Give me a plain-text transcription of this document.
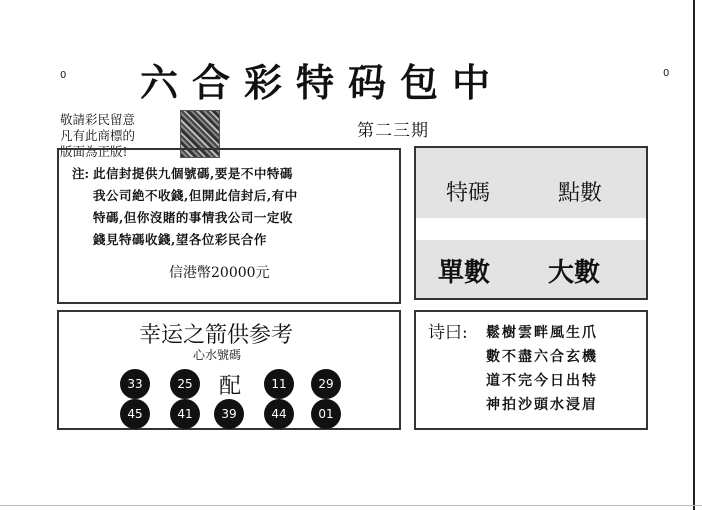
0	0
六合彩特码包中
第二三期
敬請彩民留意
凡有此商標的
版面為正版!
注: 此信封提供九個號碼,要是不中特碼
我公司絶不收錢,但開此信封后,有中
特碼,但你沒賭的事情我公司一定收
錢見特碼收錢,望各位彩民合作
信港幣20000元
特碼	點數
單數 大數
幸运之箭供参考
心水號碼
33	25	配	11	29
45	41	39	44	01
诗曰: 鬆樹雲畔風生爪
數不盡六合玄機
道不完今日出特
神拍沙頭水浸眉
